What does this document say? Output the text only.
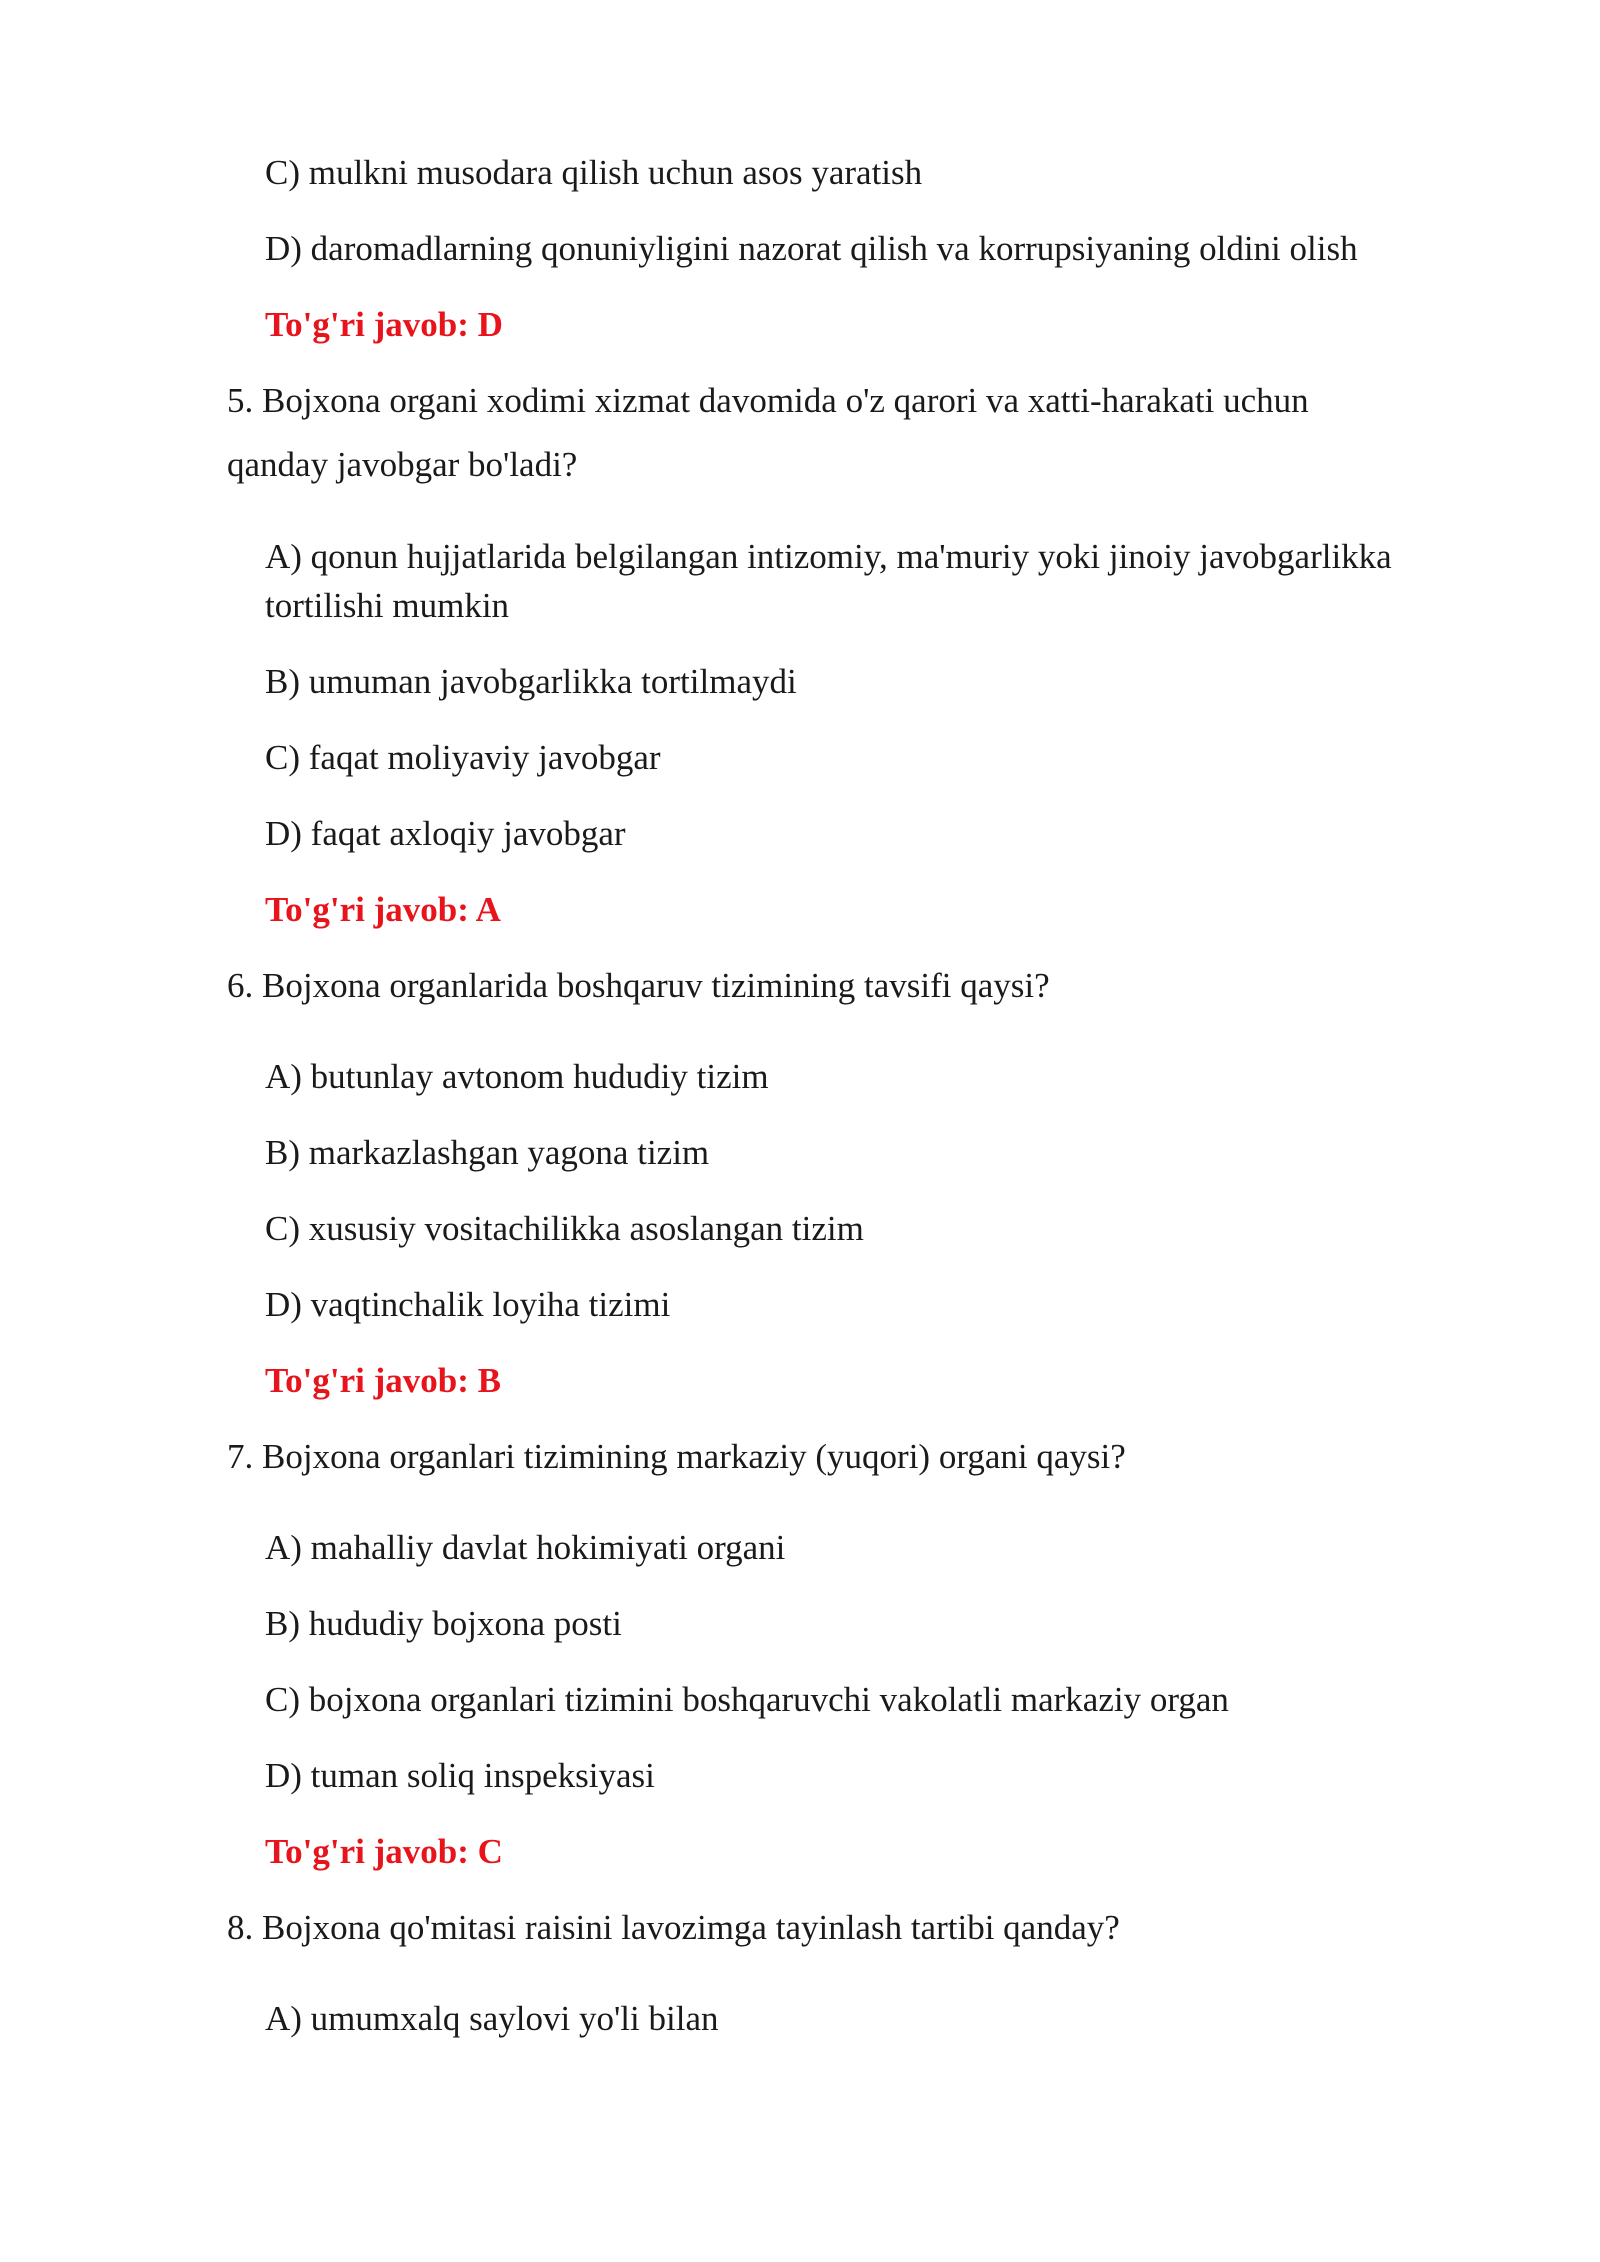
C) mulkni musodara qilish uchun asos yaratish
D) daromadlarning qonuniyligini nazorat qilish va korrupsiyaning oldini olish
To'g'ri javob: D
5. Bojxona organi xodimi xizmat davomida o'z qarori va xatti-harakati uchun
qanday javobgar bo'ladi?
A) qonun hujjatlarida belgilangan intizomiy, ma'muriy yoki jinoiy javobgarlikka
tortilishi mumkin
B) umuman javobgarlikka tortilmaydi
C) faqat moliyaviy javobgar
D) faqat axloqiy javobgar
To'g'ri javob: A
6. Bojxona organlarida boshqaruv tizimining tavsifi qaysi?
A) butunlay avtonom hududiy tizim
B) markazlashgan yagona tizim
C) xususiy vositachilikka asoslangan tizim
D) vaqtinchalik loyiha tizimi
To'g'ri javob: B
7. Bojxona organlari tizimining markaziy (yuqori) organi qaysi?
A) mahalliy davlat hokimiyati organi
B) hududiy bojxona posti
C) bojxona organlari tizimini boshqaruvchi vakolatli markaziy organ
D) tuman soliq inspeksiyasi
To'g'ri javob: C
8. Bojxona qo'mitasi raisini lavozimga tayinlash tartibi qanday?
A) umumxalq saylovi yo'li bilan
